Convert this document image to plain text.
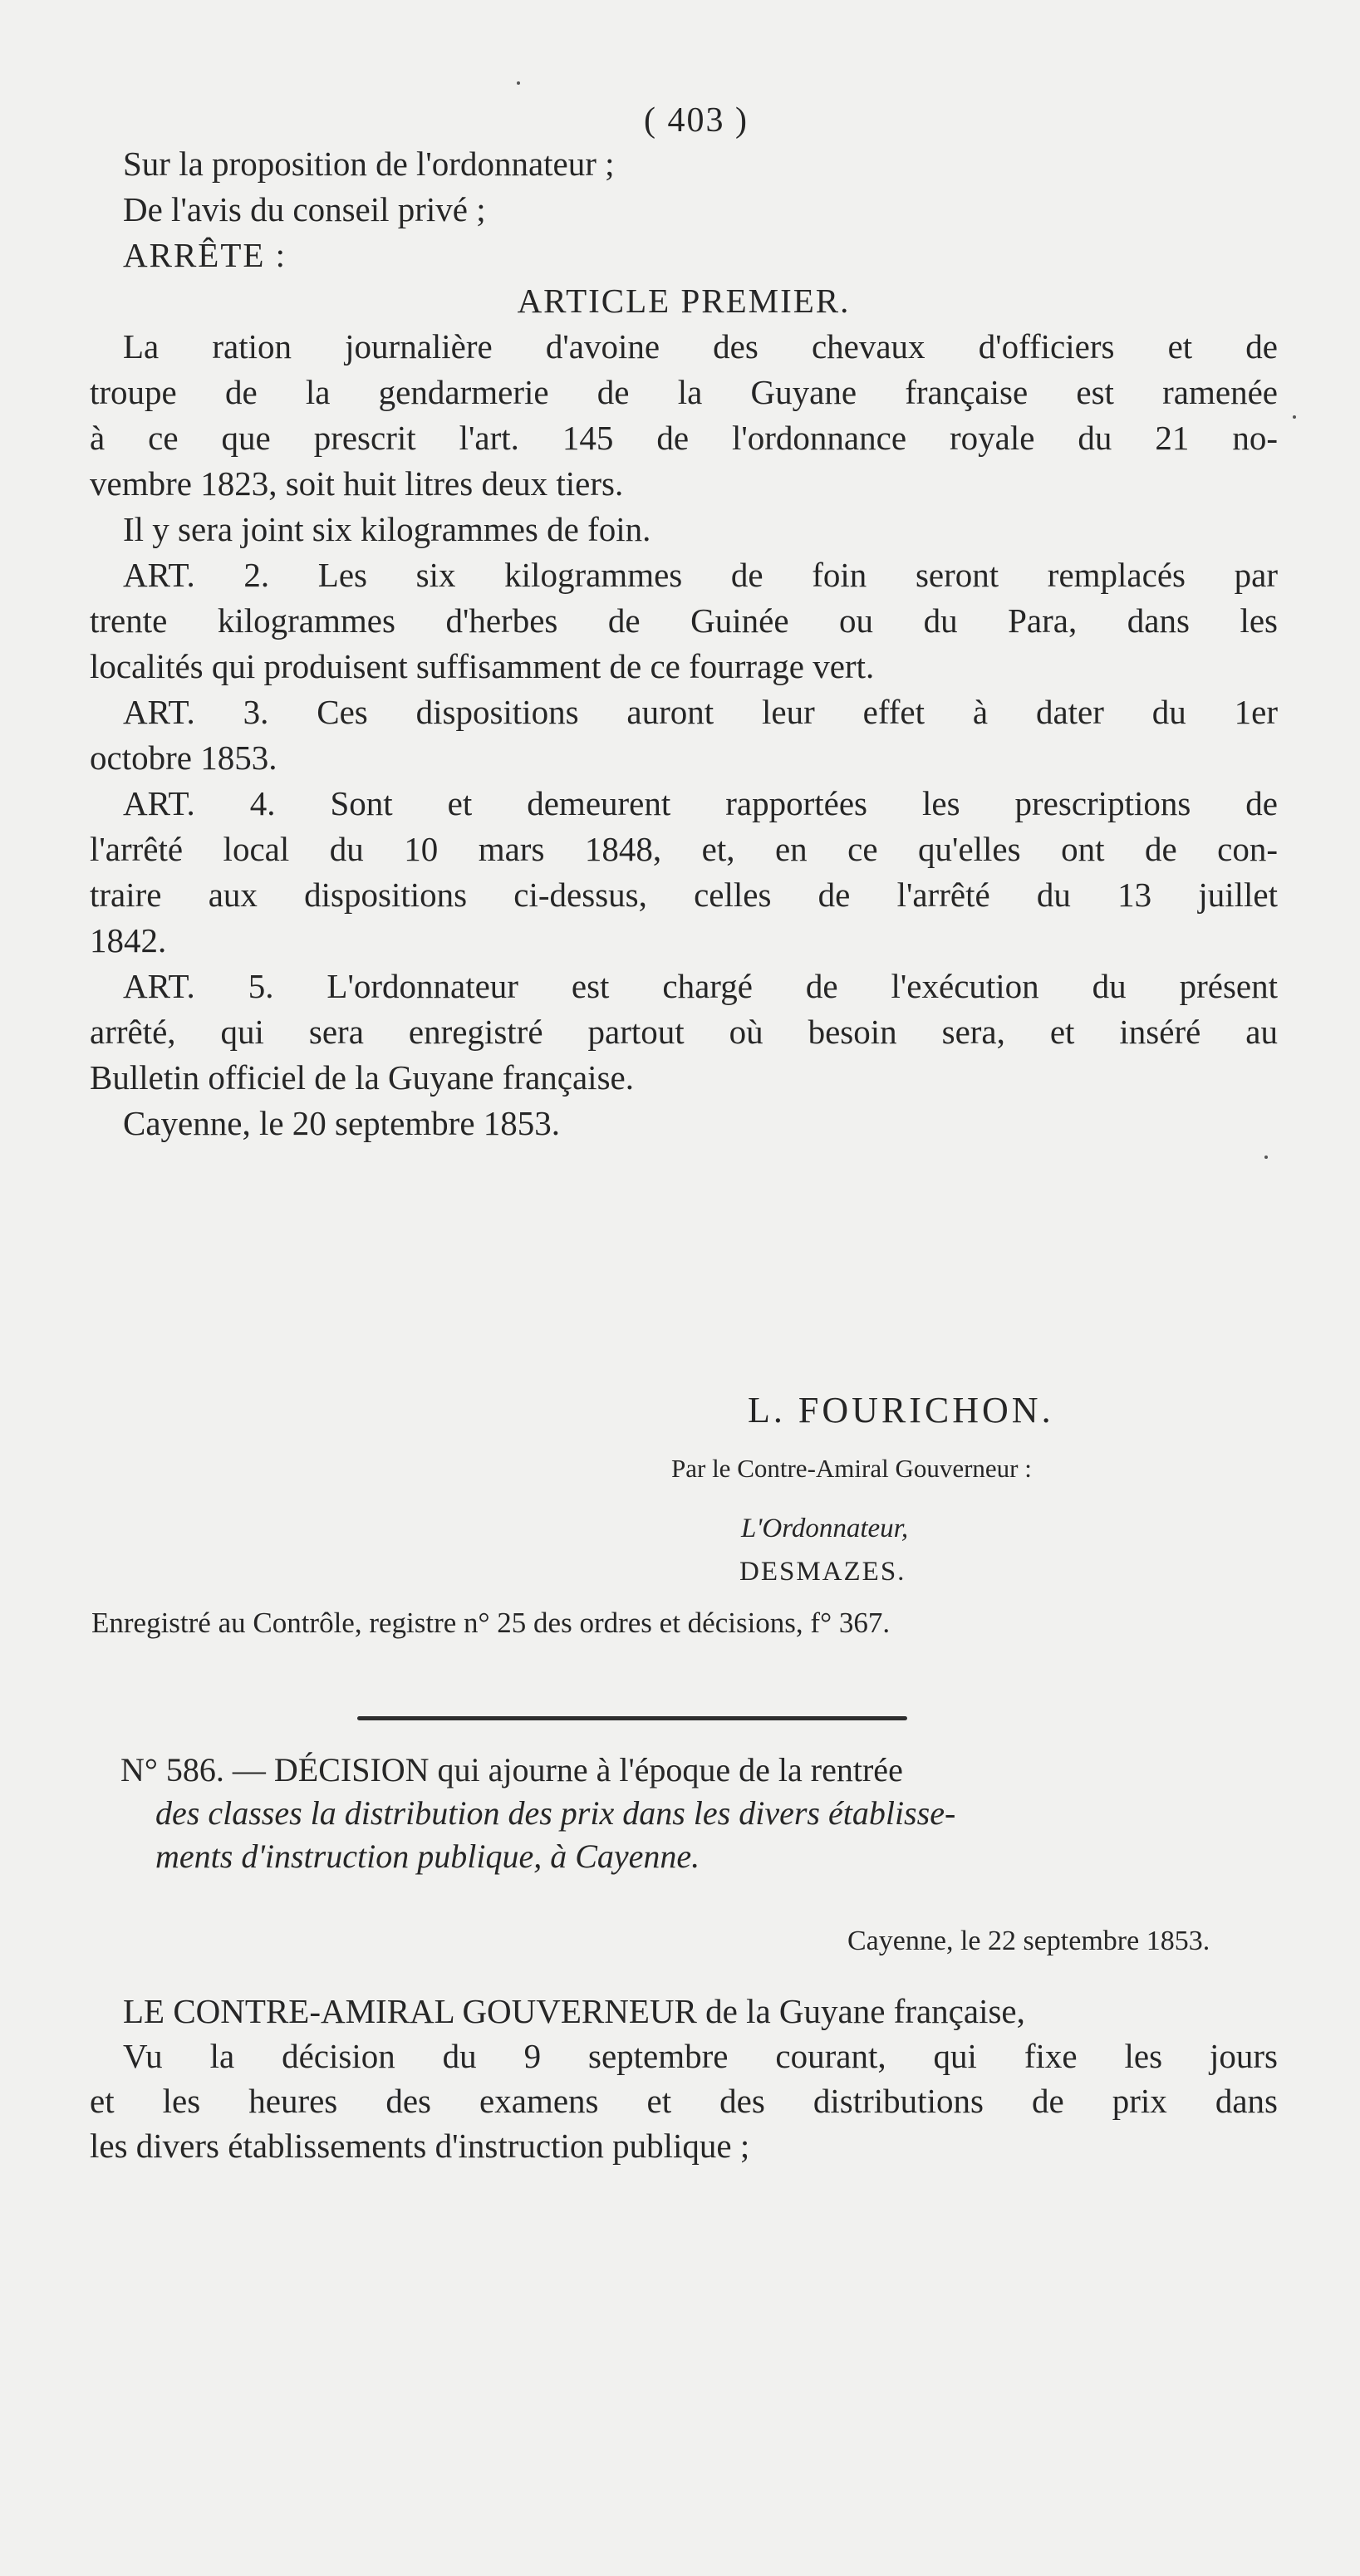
( 403 )

Sur la proposition de l'ordonnateur ;

De l'avis du conseil privé ;

ARRÊTE :

ARTICLE PREMIER.

La ration journalière d'avoine des chevaux d'officiers et de

troupe de la gendarmerie de la Guyane française est ramenée

à ce que prescrit l'art. 145 de l'ordonnance royale du 21 no-

vembre 1823, soit huit litres deux tiers.

Il y sera joint six kilogrammes de foin.

ART. 2. Les six kilogrammes de foin seront remplacés par

trente kilogrammes d'herbes de Guinée ou du Para, dans les

localités qui produisent suffisamment de ce fourrage vert.

ART. 3. Ces dispositions auront leur effet à dater du 1er

octobre 1853.

ART. 4. Sont et demeurent rapportées les prescriptions de

l'arrêté local du 10 mars 1848, et, en ce qu'elles ont de con-

traire aux dispositions ci-dessus, celles de l'arrêté du 13 juillet

1842.

ART. 5. L'ordonnateur est chargé de l'exécution du présent

arrêté, qui sera enregistré partout où besoin sera, et inséré au

Bulletin officiel de la Guyane française.

Cayenne, le 20 septembre 1853.

L. FOURICHON.
Par le Contre-Amiral Gouverneur :
L'Ordonnateur,
DESMAZES.
Enregistré au Contrôle, registre n° 25 des ordres et décisions, f° 367.

N° 586. — DÉCISION qui ajourne à l'époque de la rentrée

des classes la distribution des prix dans les divers établisse-

ments d'instruction publique, à Cayenne.

Cayenne, le 22 septembre 1853.

LE CONTRE-AMIRAL GOUVERNEUR de la Guyane française,

Vu la décision du 9 septembre courant, qui fixe les jours

et les heures des examens et des distributions de prix dans

les divers établissements d'instruction publique ;
